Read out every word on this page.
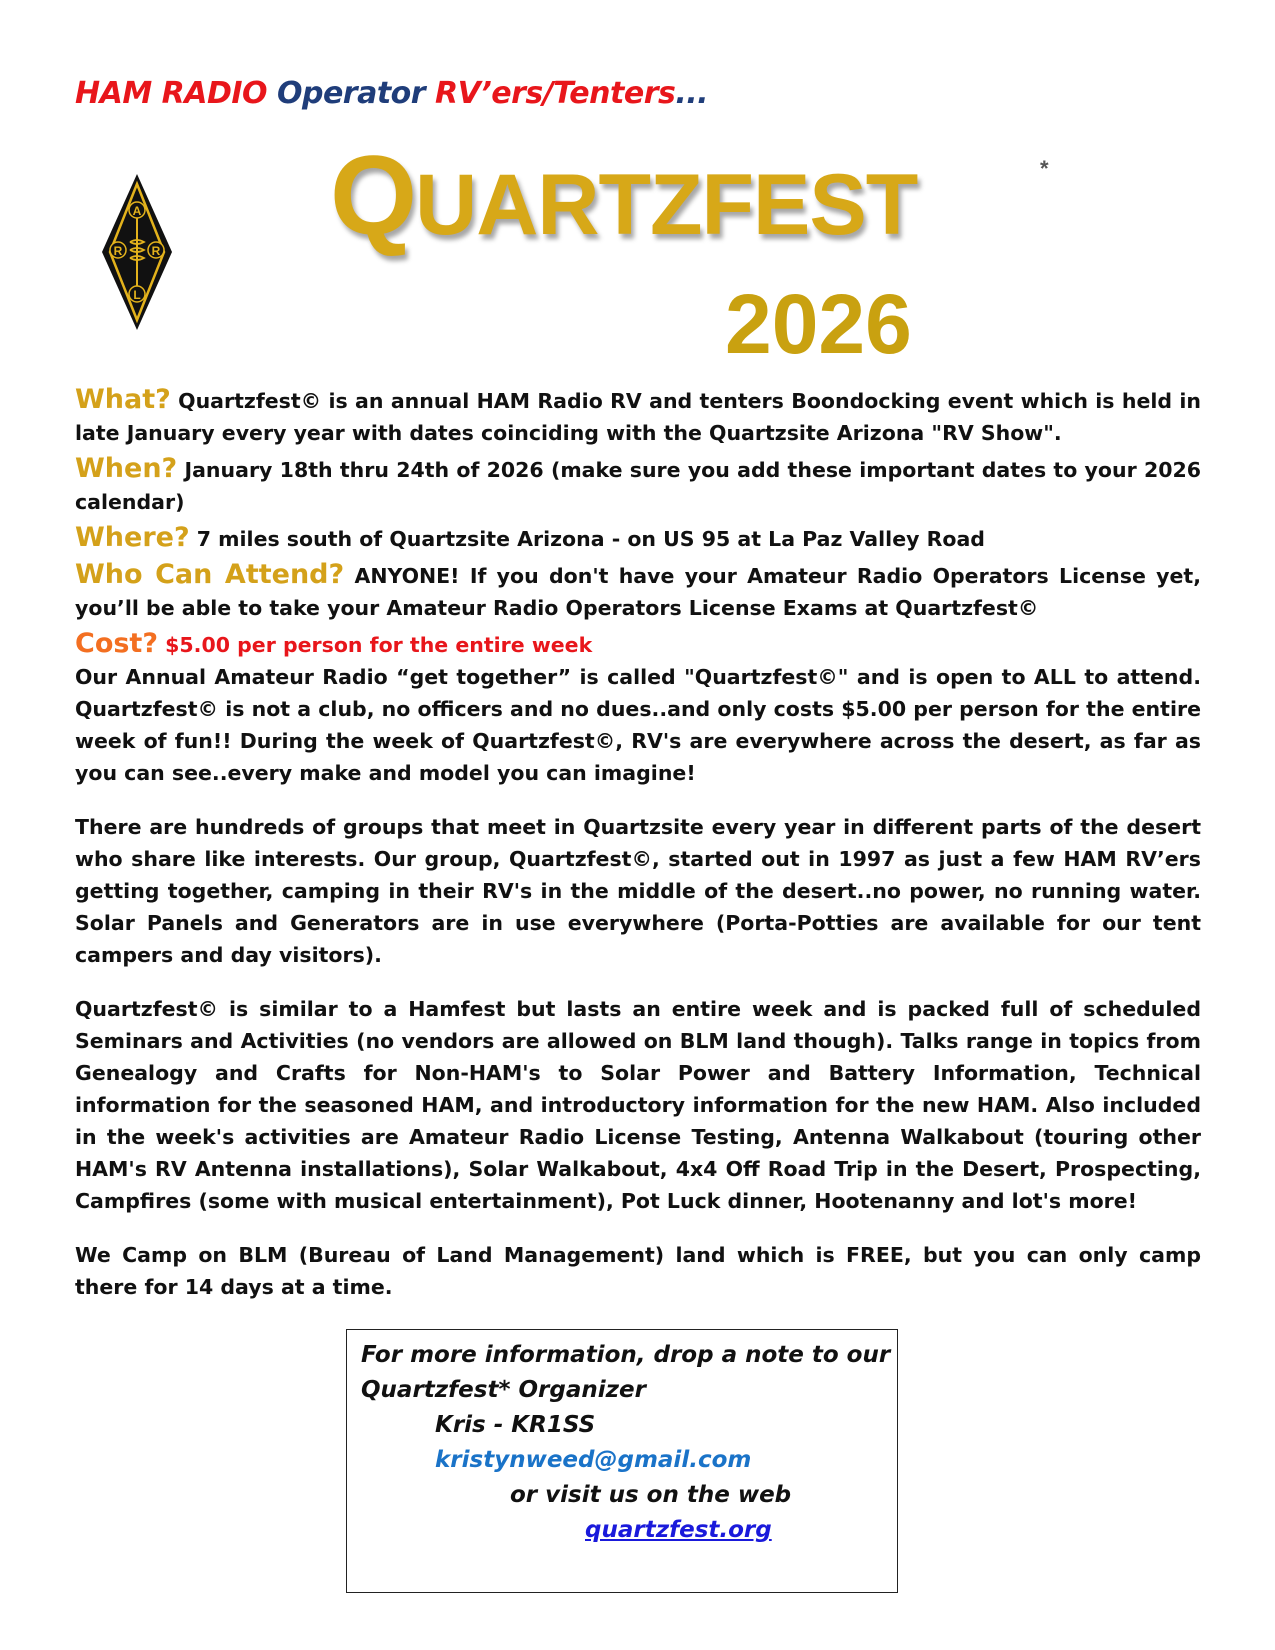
HAM RADIO Operator RV’ers/Tenters...
A
R R
L
QUARTZFEST	*
2026

What? Quartzfest© is an annual HAM Radio RV and tenters Boondocking event which is held in late January every year with dates coinciding with the Quartzsite Arizona "RV Show".

When? January 18th thru 24th of 2026 (make sure you add these important dates to your 2026 calendar)

Where? 7 miles south of Quartzsite Arizona - on US 95 at La Paz Valley Road

Who Can Attend? ANYONE! If you don't have your Amateur Radio Operators License yet, you’ll be able to take your Amateur Radio Operators License Exams at Quartzfest©

Cost? $5.00 per person for the entire week

Our Annual Amateur Radio “get together” is called "Quartzfest©" and is open to ALL to attend. Quartzfest© is not a club, no officers and no dues..and only costs $5.00 per person for the entire week of fun!! During the week of Quartzfest©, RV's are everywhere across the desert, as far as you can see..every make and model you can imagine!

There are hundreds of groups that meet in Quartzsite every year in different parts of the desert who share like interests. Our group, Quartzfest©, started out in 1997 as just a few HAM RV’ers getting together, camping in their RV's in the middle of the desert..no power, no running water. Solar Panels and Generators are in use everywhere (Porta-Potties are available for our tent campers and day visitors).

Quartzfest© is similar to a Hamfest but lasts an entire week and is packed full of scheduled Seminars and Activities (no vendors are allowed on BLM land though). Talks range in topics from Genealogy and Crafts for Non-HAM's to Solar Power and Battery Information, Technical information for the seasoned HAM, and introductory information for the new HAM. Also included in the week's activities are Amateur Radio License Testing, Antenna Walkabout (touring other HAM's RV Antenna installations), Solar Walkabout, 4x4 Off Road Trip in the Desert, Prospecting, Campfires (some with musical entertainment), Pot Luck dinner, Hootenanny and lot's more!

We Camp on BLM (Bureau of Land Management) land which is FREE, but you can only camp there for 14 days at a time.

For more information, drop a note to our
Quartzfest* Organizer
Kris - KR1SS
kristynweed@gmail.com
or visit us on the web
quartzfest.org
